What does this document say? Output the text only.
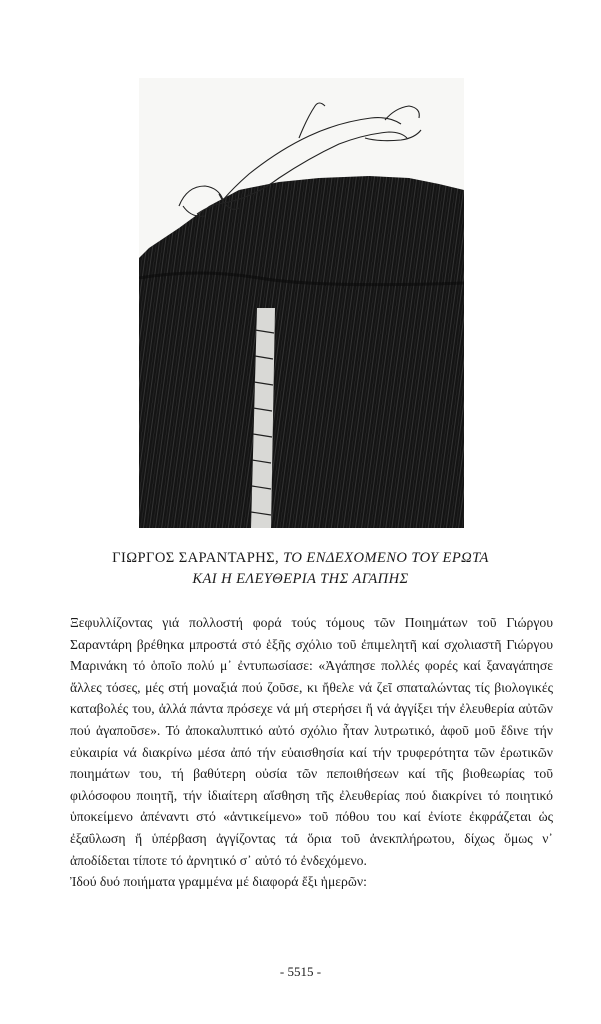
ΓΙΩΡΓΟΣ ΣΑΡΑΝΤΑΡΗΣ, ΤΟ ΕΝΔΕΧΟΜΕΝΟ ΤΟΥ ΕΡΩΤΑ
ΚΑΙ Η ΕΛΕΥΘΕΡΙΑ ΤΗΣ ΑΓΑΠΗΣ

Ξεφυλλίζοντας γιά πολλοστή φορά τούς τόμους τῶν Ποιημάτων τοῦ Γιώργου Σαραντάρη βρέθηκα μπροστά στό ἑξῆς σχόλιο τοῦ ἐπιμελητῆ καί σχολιαστῆ Γιώργου Μαρινάκη τό ὁποῖο πολύ μ᾽ ἐντυπωσίασε: «Ἀγάπησε πολλές φορές καί ξαναγάπησε ἄλλες τόσες, μές στή μοναξιά πού ζοῦσε, κι ἤθελε νά ζεῖ σπαταλώντας τίς βιολογικές καταβολές του, ἀλλά πάντα πρόσεχε νά μή στερήσει ἤ νά ἀγγίξει τήν ἐλευθερία αὐτῶν πού ἀγαποῦσε». Τό ἀποκαλυπτικό αὐτό σχόλιο ἦταν λυτρωτικό, ἀφοῦ μοῦ ἔδινε τήν εὐκαιρία νά διακρίνω μέσα ἀπό τήν εὐαισθησία καί τήν τρυφερότητα τῶν ἐρωτικῶν ποιημάτων του, τή βαθύτερη οὐσία τῶν πεποιθήσεων καί τῆς βιοθεωρίας τοῦ φιλόσοφου ποιητῆ, τήν ἰδιαίτερη αἴσθηση τῆς ἐλευθερίας πού διακρίνει τό ποιητικό ὑποκείμενο ἀπέναντι στό «ἀντικείμενο» τοῦ πόθου του καί ἐνίοτε ἐκφράζεται ὡς ἐξαΰλωση ἤ ὑπέρβαση ἀγγίζοντας τά ὅρια τοῦ ἀνεκπλήρωτου, δίχως ὅμως ν᾽ ἀποδίδεται τίποτε τό ἀρνητικό σ᾽ αὐτό τό ἐνδεχόμενο.

Ἰδού δυό ποιήματα γραμμένα μέ διαφορά ἔξι ἡμερῶν:

- 5515 -
